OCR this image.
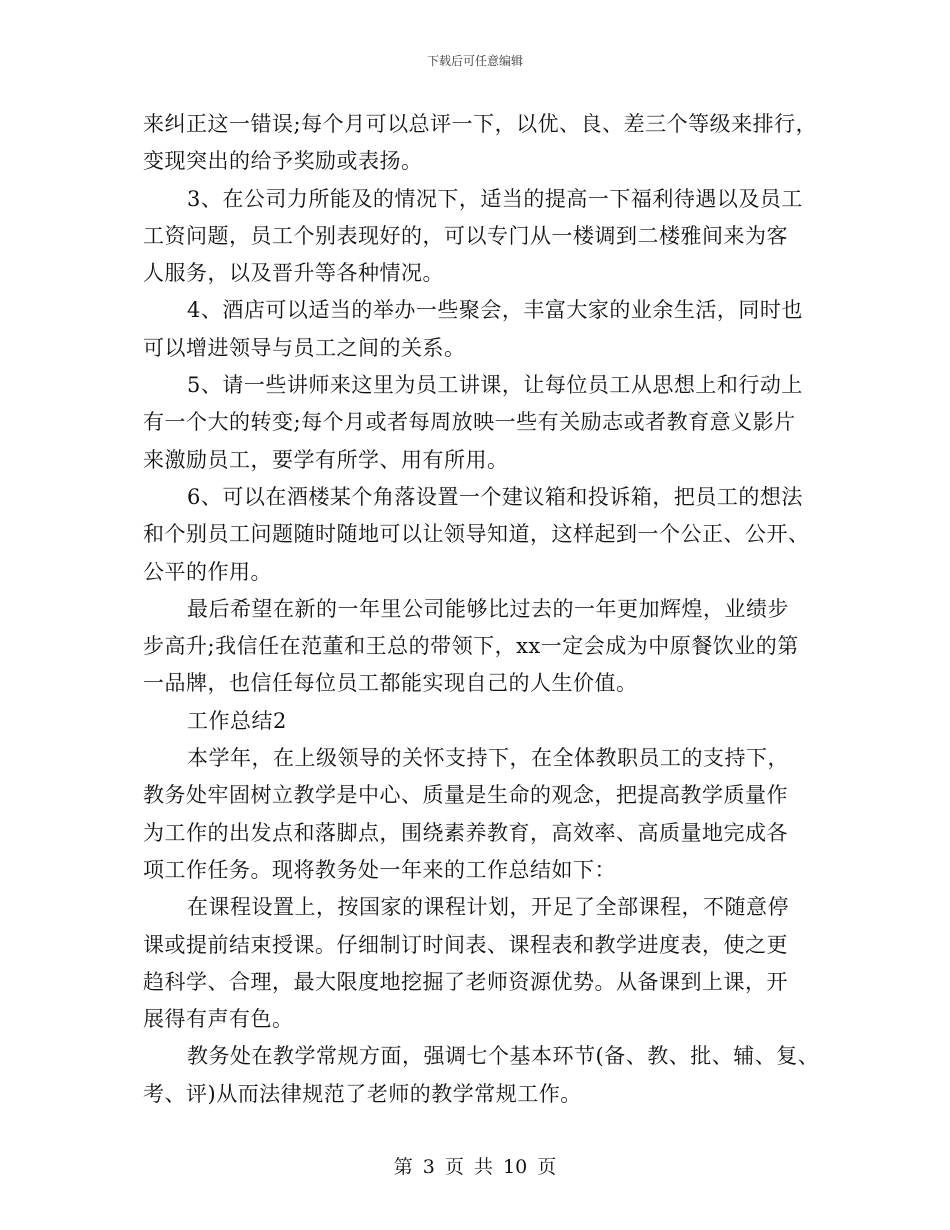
下载后可任意编辑
来纠正这一错误;每个月可以总评一下，以优、良、差三个等级来排行，
变现突出的给予奖励或表扬。
3、在公司力所能及的情况下，适当的提高一下福利待遇以及员工
工资问题，员工个别表现好的，可以专门从一楼调到二楼雅间来为客
人服务，以及晋升等各种情况。
4、酒店可以适当的举办一些聚会，丰富大家的业余生活，同时也
可以增进领导与员工之间的关系。
5、请一些讲师来这里为员工讲课，让每位员工从思想上和行动上
有一个大的转变;每个月或者每周放映一些有关励志或者教育意义影片
来激励员工，要学有所学、用有所用。
6、可以在酒楼某个角落设置一个建议箱和投诉箱，把员工的想法
和个别员工问题随时随地可以让领导知道，这样起到一个公正、公开、
公平的作用。
最后希望在新的一年里公司能够比过去的一年更加辉煌，业绩步
步高升;我信任在范董和王总的带领下，xx一定会成为中原餐饮业的第
一品牌，也信任每位员工都能实现自己的人生价值。
工作总结2
本学年，在上级领导的关怀支持下，在全体教职员工的支持下，
教务处牢固树立教学是中心、质量是生命的观念，把提高教学质量作
为工作的出发点和落脚点，围绕素养教育，高效率、高质量地完成各
项工作任务。现将教务处一年来的工作总结如下：
在课程设置上，按国家的课程计划，开足了全部课程，不随意停
课或提前结束授课。仔细制订时间表、课程表和教学进度表，使之更
趋科学、合理，最大限度地挖掘了老师资源优势。从备课到上课，开
展得有声有色。
教务处在教学常规方面，强调七个基本环节(备、教、批、辅、复、
考、评)从而法律规范了老师的教学常规工作。
第 3 页 共 10 页
